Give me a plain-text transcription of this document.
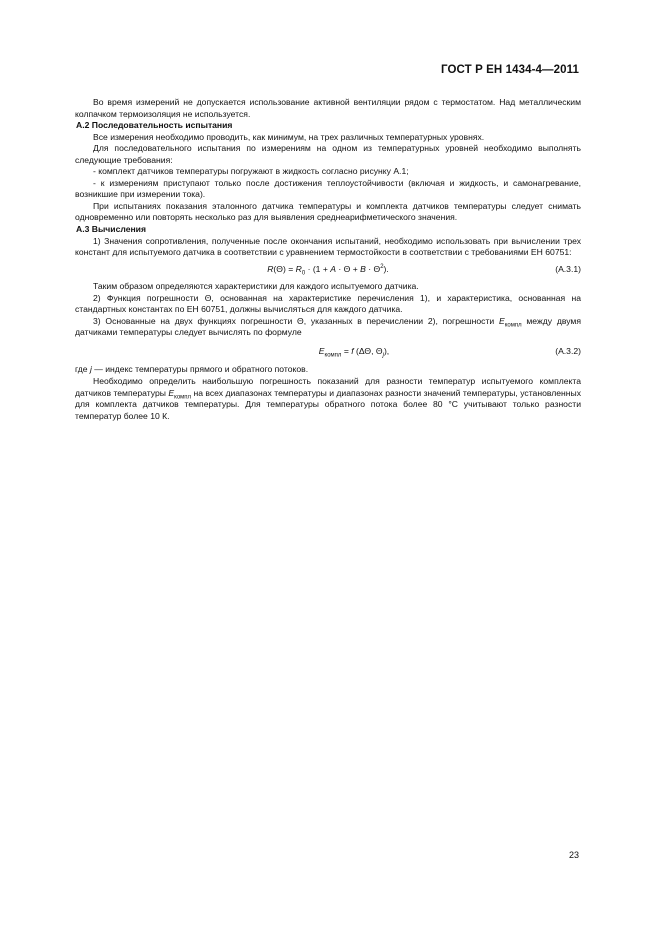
ГОСТ Р ЕН 1434-4—2011

Во время измерений не допускается использование активной вентиляции рядом с термостатом. Над металлическим колпачком термоизоляция не используется.

А.2 Последовательность испытания

Все измерения необходимо проводить, как минимум, на трех различных температурных уровнях.

Для последовательного испытания по измерениям на одном из температурных уровней необходимо выполнять следующие требования:

- комплект датчиков температуры погружают в жидкость согласно рисунку А.1;

- к измерениям приступают только после достижения теплоустойчивости (включая и жидкость, и самонагревание, возникшие при измерении тока).

При испытаниях показания эталонного датчика температуры и комплекта датчиков температуры следует снимать одновременно или повторять несколько раз для выявления среднеарифметического значения.

А.3 Вычисления

1) Значения сопротивления, полученные после окончания испытаний, необходимо использовать при вычислении трех констант для испытуемого датчика в соответствии с уравнением термостойкости в соответствии с требованиями ЕН 60751:

$R(\Theta) = R_0 \cdot (1 + A \cdot \Theta + B \cdot \Theta^2)$.	(А.3.1)

Таким образом определяются характеристики для каждого испытуемого датчика.

2) Функция погрешности Θ, основанная на характеристике перечисления 1), и характеристика, основанная на стандартных константах по ЕН 60751, должны вычисляться для каждого датчика.

3) Основанные на двух функциях погрешности Θ, указанных в перечислении 2), погрешности $E_{компл}$ между двумя датчиками температуры следует вычислять по формуле

$E_{компл} = f$ (ΔΘ, $\Theta_j$),	(А.3.2)

где j — индекс температуры прямого и обратного потоков.

Необходимо определить наибольшую погрешность показаний для разности температур испытуемого комплекта датчиков температуры $E_{компл}$ на всех диапазонах температуры и диапазонах разности значений температуры, установленных для комплекта датчиков температуры. Для температуры обратного потока более 80 °С учитывают только разности температур более 10 К.

23
